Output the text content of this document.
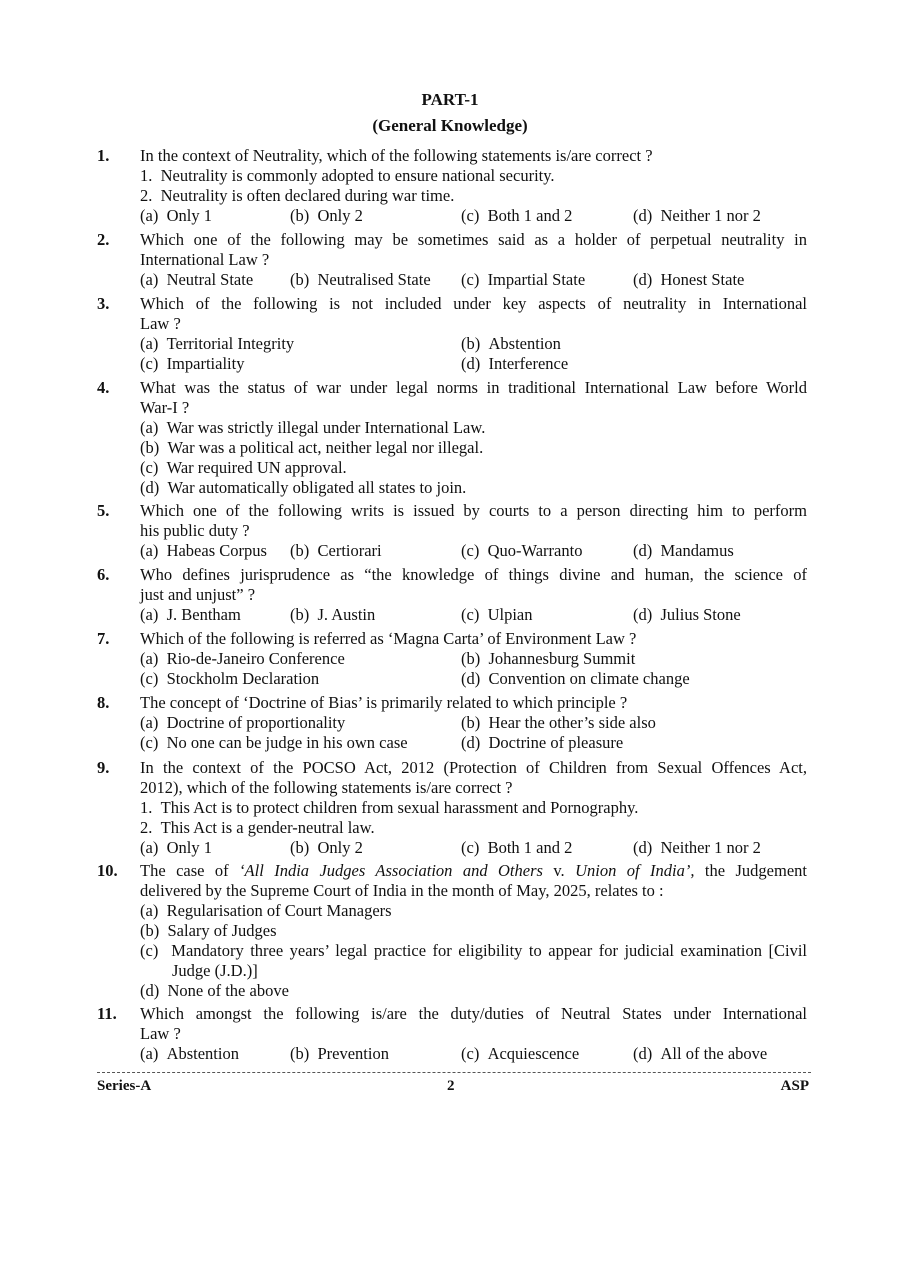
PART-1
(General Knowledge)
1. In the context of Neutrality, which of the following statements is/are correct ?
1.  Neutrality is commonly adopted to ensure national security.
2.  Neutrality is often declared during war time.
(a)  Only 1	(b)  Only 2	(c)  Both 1 and 2	(d)  Neither 1 nor 2
2. Which one of the following may be sometimes said as a holder of perpetual neutrality in
International Law ?
(a)  Neutral State (b)  Neutralised State (c)  Impartial State	(d)  Honest State
3. Which of the following is not included under key aspects of neutrality in International
Law ?
(a)  Territorial Integrity	(b)  Abstention
(c)  Impartiality	(d)  Interference
4. What was the status of war under legal norms in traditional International Law before World
War-I ?
(a)  War was strictly illegal under International Law.
(b)  War was a political act, neither legal nor illegal.
(c)  War required UN approval.
(d)  War automatically obligated all states to join.
5. Which one of the following writs is issued by courts to a person directing him to perform
his public duty ?
(a)  Habeas Corpus (b)  Certiorari	(c)  Quo-Warranto	(d)  Mandamus
6. Who defines jurisprudence as “the knowledge of things divine and human, the science of
just and unjust” ?
(a)  J. Bentham	(b)  J. Austin	(c)  Ulpian	(d)  Julius Stone
7. Which of the following is referred as ‘Magna Carta’ of Environment Law ?
(a)  Rio-de-Janeiro Conference	(b)  Johannesburg Summit
(c)  Stockholm Declaration	(d)  Convention on climate change
8. The concept of ‘Doctrine of Bias’ is primarily related to which principle ?
(a)  Doctrine of proportionality	(b)  Hear the other’s side also
(c)  No one can be judge in his own case	(d)  Doctrine of pleasure
9. In the context of the POCSO Act, 2012 (Protection of Children from Sexual Offences Act,
2012), which of the following statements is/are correct ?
1.  This Act is to protect children from sexual harassment and Pornography.
2.  This Act is a gender-neutral law.
(a)  Only 1	(b)  Only 2	(c)  Both 1 and 2	(d)  Neither 1 nor 2
10. The case of ‘All India Judges Association and Others v. Union of India’, the Judgement
delivered by the Supreme Court of India in the month of May, 2025, relates to :
(a)  Regularisation of Court Managers
(b)  Salary of Judges
(c)  Mandatory three years’ legal practice for eligibility to appear for judicial examination [Civil Judge (J.D.)]
(d)  None of the above
11. Which amongst the following is/are the duty/duties of Neutral States under International
Law ?
(a)  Abstention	(b)  Prevention	(c)  Acquiescence	(d)  All of the above
Series-A	2	ASP
